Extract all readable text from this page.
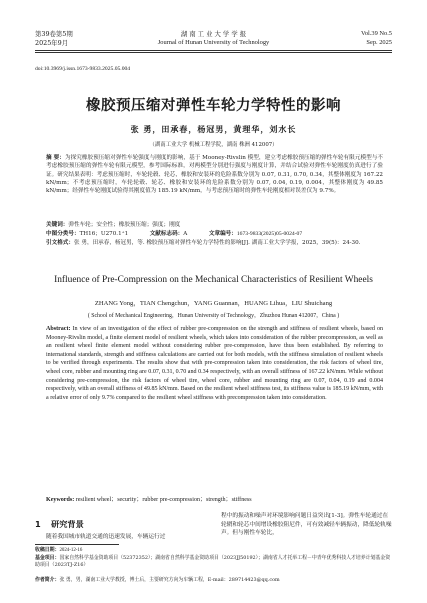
第39卷第5期
2025年9月
湖 南 工 业 大 学 学 报
Journal of Hunan University of Technology
Vol.39 No.5
Sep. 2025
doi:10.3969/j.issn.1673-9833.2025.05.004
橡胶预压缩对弹性车轮力学特性的影响
张 勇，田承春，杨冠男，黄理华，刘水长
（湖南工业大学 机械工程学院，湖南 株洲 412007）
摘 要：为探究橡胶预压缩对弹性车轮强度与刚度的影响，基于 Mooney-Rivslin 模型，建立考虑橡胶预压缩的弹性车轮有限元模型与不考虑橡胶预压缩的弹性车轮有限元模型，参考国际标准，对两模型分别进行强度与刚度计算，并结合试验对弹性车轮刚度仿真进行了验证。研究结果表明：考虑预压缩时，车轮轮毂、轮芯，橡胶和安装环的危险系数分别为 0.07, 0.31, 0.70, 0.34，其整体刚度为 167.22 kN/mm；不考虑预压缩时，车轮轮毂、轮芯、橡胶和安装环的危险系数分别为 0.07, 0.04, 0.19, 0.004，其整体刚度为 49.85 kN/mm；经弹性车轮刚度试验得其刚度值为 185.19 kN/mm，与考虑预压缩时的弹性车轮刚度相对误差仅为 9.7%。
关键词：弹性车轮；安全性；橡胶预压缩；强度；刚度
中图分类号：TH16；U270.1⁺1	文献标志码：A	文章编号：1673-9833(2025)05-0024-07
引文格式：张 勇，田承春，杨冠男，等. 橡胶预压缩对弹性车轮力学特性的影响[J]. 湖南工业大学学报，2025，39(5)：24-30.
Influence of Pre-Compression on the Mechanical Characteristics of Resilient Wheels
ZHANG Yong，TIAN Chengchun，YANG Guannan，HUANG Lihua，LIU Shuichang
( School of Mechanical Engineering，Hunan University of Technology，Zhuzhou Hunan 412007，China )
Abstract: In view of an investigation of the effect of rubber pre-compression on the strength and stiffness of resilient wheels, based on Mooney-Rivslin model, a finite element model of resilient wheels, which takes into consideration of the rubber precompression, as well as an resilient wheel finite element model without considering rubber pre-compression, have thus been established. By referring to international standards, strength and stiffness calculations are carried out for both models, with the stiffness simulation of resilient wheels to be verified through experiments. The results show that with pre-compression taken into consideration, the risk factors of wheel tire, wheel core, rubber and mounting ring are 0.07, 0.31, 0.70 and 0.34 respectively, with an overall stiffness of 167.22 kN/mm. While without considering pre-compression, the risk factors of wheel tire, wheel core, rubber and mounting ring are 0.07, 0.04, 0.19 and 0.004 respectively, with an overall stiffness of 49.85 kN/mm. Based on the resilient wheel stiffness test, its stiffness value is 185.19 kN/mm, with a relative error of only 9.7% compared to the resilient wheel stiffness with precompression taken into consideration.
Keywords: resilient wheel；security；rubber pre-compression；strength；stiffness
1 研究背景
随着我国城市轨道交通的迅速发展，车辆运行过
程中的振动和噪声对环境影响问题日益突出[1-3]。弹性车轮通过在轮辋和轮芯中间增设橡胶阻尼件，可有效减轻车辆振动，降低轮轨噪声。但与刚性车轮比，
收稿日期：2024-12-16
基金项目：国家自然科学基金资助项目（52372352）；湖南省自然科学基金资助项目（2023JJ50192）；湖南省人才托举工程－中青年优秀科技人才培养计划基金资助项目（2023TJ-Z16）
作者简介：张 勇，男，湖南工业大学教授，博士后，主要研究方向为车辆工程，E-mail：289714423@qq.com
